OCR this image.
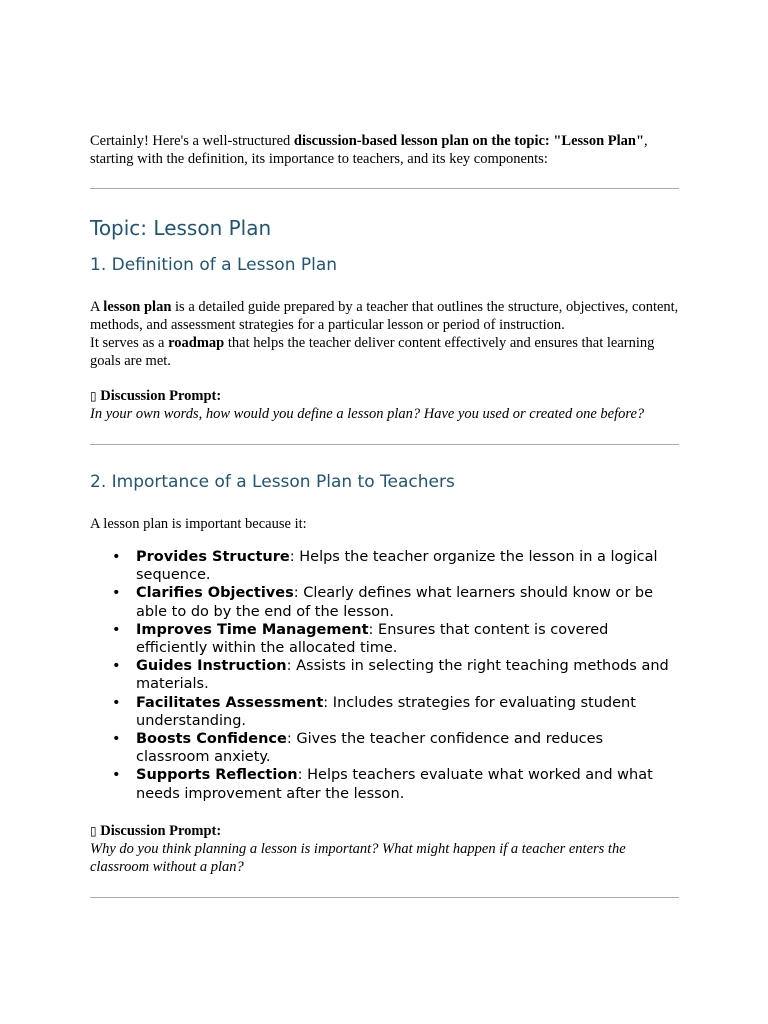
Certainly! Here's a well-structured discussion-based lesson plan on the topic: "Lesson Plan", starting with the definition, its importance to teachers, and its key components:

Topic: Lesson Plan
1. Definition of a Lesson Plan

A lesson plan is a detailed guide prepared by a teacher that outlines the structure, objectives, content, methods, and assessment strategies for a particular lesson or period of instruction.
It serves as a roadmap that helps the teacher deliver content effectively and ensures that learning goals are met.

▯ Discussion Prompt:
In your own words, how would you define a lesson plan? Have you used or created one before?

2. Importance of a Lesson Plan to Teachers

A lesson plan is important because it:

• Provides Structure: Helps the teacher organize the lesson in a logical sequence.
• Clarifies Objectives: Clearly defines what learners should know or be able to do by the end of the lesson.
• Improves Time Management: Ensures that content is covered efficiently within the allocated time.
• Guides Instruction: Assists in selecting the right teaching methods and materials.
• Facilitates Assessment: Includes strategies for evaluating student understanding.
• Boosts Confidence: Gives the teacher confidence and reduces classroom anxiety.
• Supports Reflection: Helps teachers evaluate what worked and what needs improvement after the lesson.

▯ Discussion Prompt:
Why do you think planning a lesson is important? What might happen if a teacher enters the classroom without a plan?
